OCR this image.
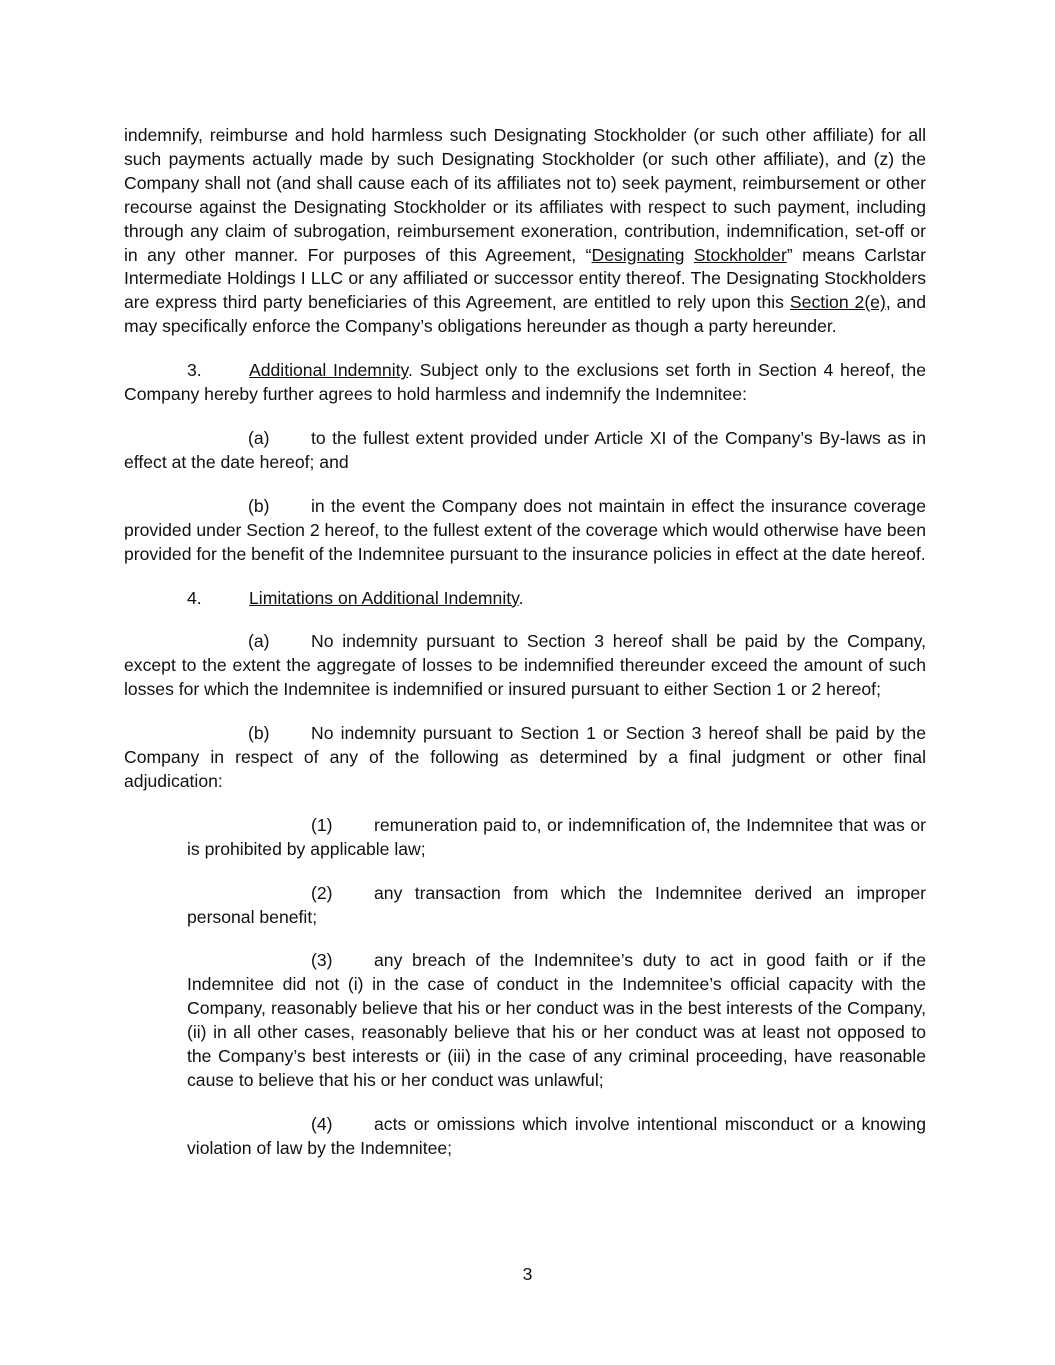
indemnify, reimburse and hold harmless such Designating Stockholder (or such other affiliate) for all such payments actually made by such Designating Stockholder (or such other affiliate), and (z) the Company shall not (and shall cause each of its affiliates not to) seek payment, reimbursement or other recourse against the Designating Stockholder or its affiliates with respect to such payment, including through any claim of subrogation, reimbursement exoneration, contribution, indemnification, set-off or in any other manner. For purposes of this Agreement, “Designating Stockholder” means Carlstar Intermediate Holdings I LLC or any affiliated or successor entity thereof. The Designating Stockholders are express third party beneficiaries of this Agreement, are entitled to rely upon this Section 2(e), and may specifically enforce the Company’s obligations hereunder as though a party hereunder.

3.	Additional Indemnity. Subject only to the exclusions set forth in Section 4 hereof, the Company hereby further agrees to hold harmless and indemnify the Indemnitee:

(a) to the fullest extent provided under Article XI of the Company’s By-laws as in effect at the date hereof; and

(b) in the event the Company does not maintain in effect the insurance coverage provided under Section 2 hereof, to the fullest extent of the coverage which would otherwise have been provided for the benefit of the Indemnitee pursuant to the insurance policies in effect at the date hereof.

4.	Limitations on Additional Indemnity.

(a) No indemnity pursuant to Section 3 hereof shall be paid by the Company, except to the extent the aggregate of losses to be indemnified thereunder exceed the amount of such losses for which the Indemnitee is indemnified or insured pursuant to either Section 1 or 2 hereof;

(b) No indemnity pursuant to Section 1 or Section 3 hereof shall be paid by the Company in respect of any of the following as determined by a final judgment or other final adjudication:

(1) remuneration paid to, or indemnification of, the Indemnitee that was or is prohibited by applicable law;

(2) any transaction from which the Indemnitee derived an improper personal benefit;

(3) any breach of the Indemnitee’s duty to act in good faith or if the Indemnitee did not (i) in the case of conduct in the Indemnitee’s official capacity with the Company, reasonably believe that his or her conduct was in the best interests of the Company, (ii) in all other cases, reasonably believe that his or her conduct was at least not opposed to the Company’s best interests or (iii) in the case of any criminal proceeding, have reasonable cause to believe that his or her conduct was unlawful;

(4) acts or omissions which involve intentional misconduct or a knowing violation of law by the Indemnitee;

3
